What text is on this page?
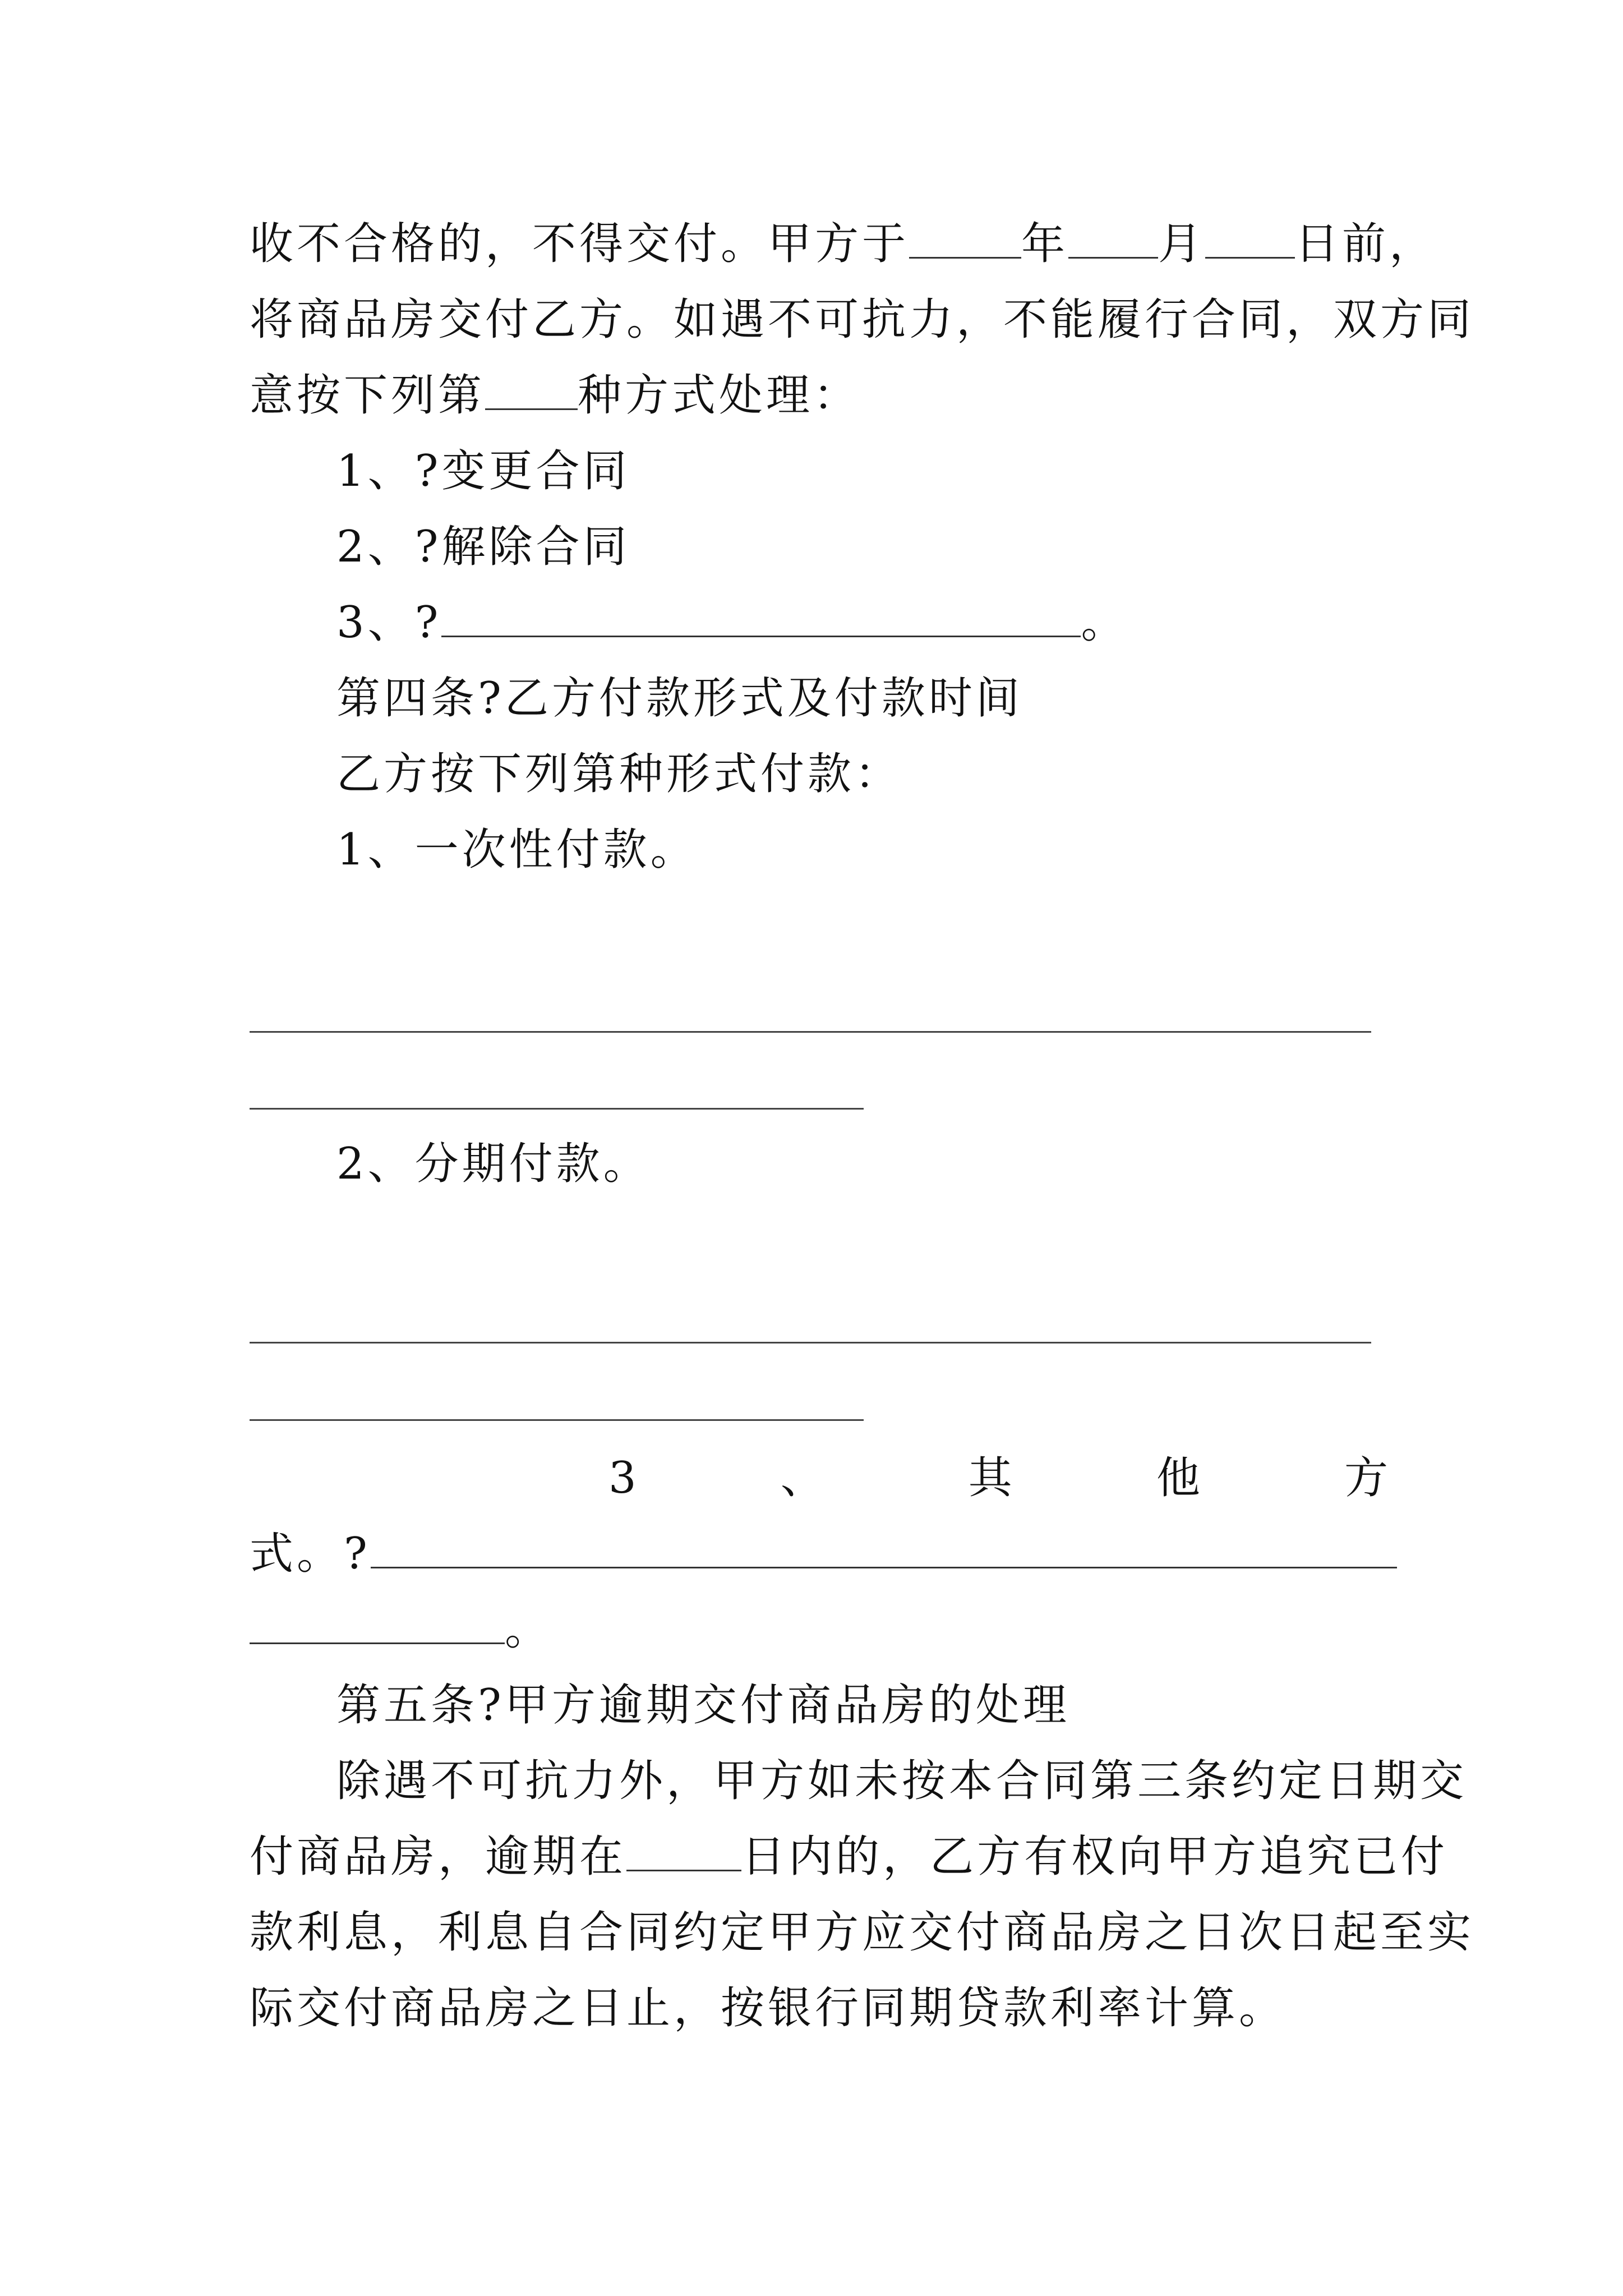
收不合格的，不得交付。甲方于	年 月 日前，
将商品房交付乙方。如遇不可抗力，不能履行合同，双方同
意按下列第 种方式处理：
1、?变更合同
2、?解除合同
3、?	。
第四条?乙方付款形式及付款时间
乙方按下列第种形式付款：
1、一次性付款。
2、分期付款。
3	、	其	他	方
式。?
。
第五条?甲方逾期交付商品房的处理
除遇不可抗力外，甲方如未按本合同第三条约定日期交
付商品房，逾期在	日内的，乙方有权向甲方追究已付
款利息，利息自合同约定甲方应交付商品房之日次日起至实
际交付商品房之日止，按银行同期贷款利率计算。
